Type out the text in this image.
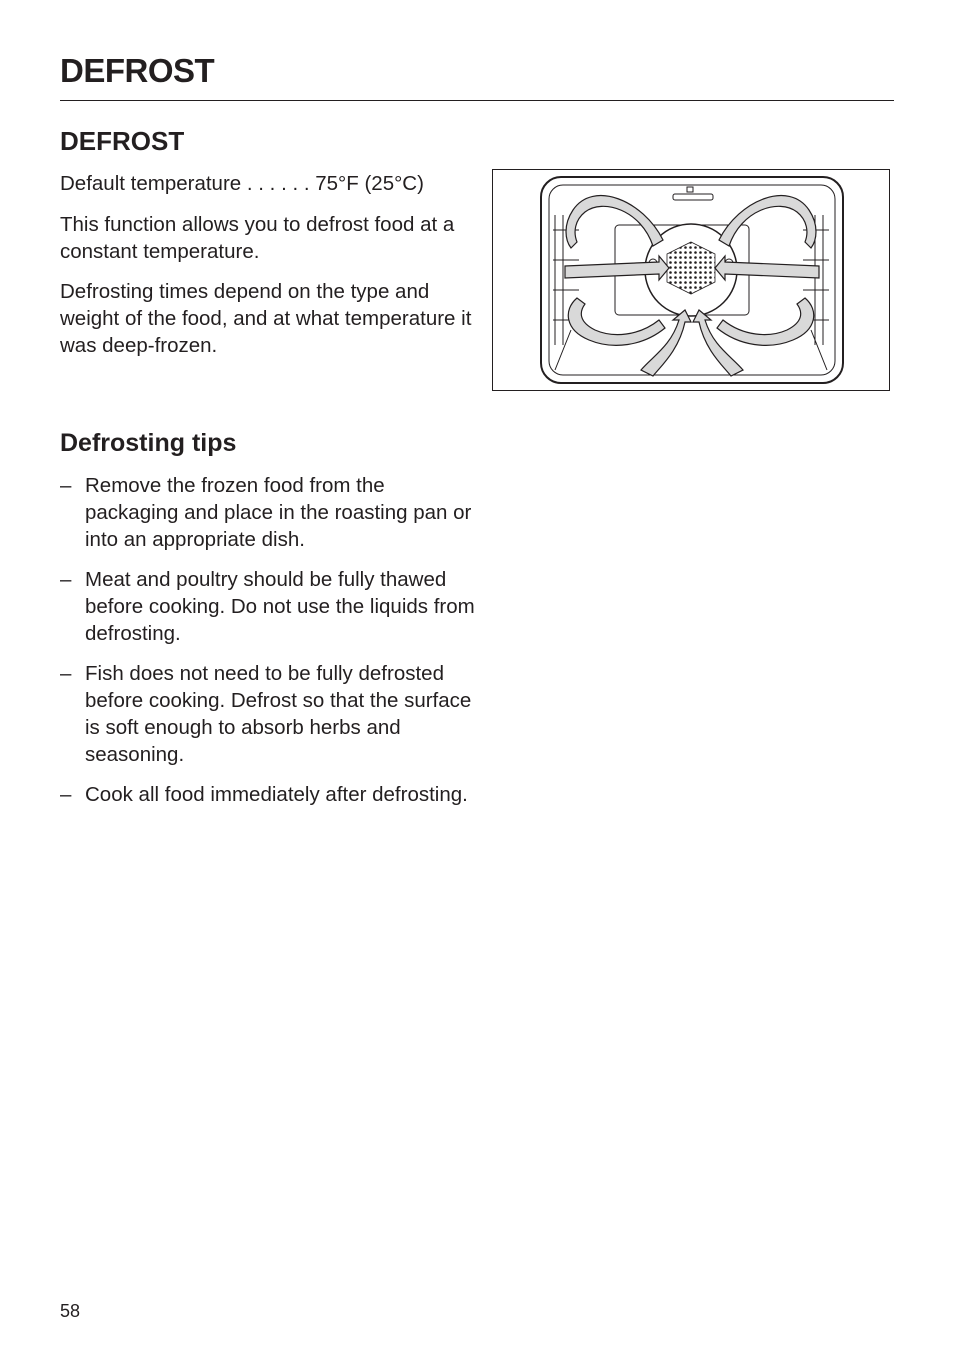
DEFROST
DEFROST

Default temperature . . . . . . 75°F (25°C)

This function allows you to defrost food at a constant temperature.

Defrosting times depend on the type and weight of the food, and at what temperature it was deep-frozen.

Defrosting tips
– Remove the frozen food from the packaging and place in the roasting pan or into an appropriate dish.
– Meat and poultry should be fully thawed before cooking. Do not use the liquids from defrosting.
– Fish does not need to be fully defrosted before cooking. Defrost so that the surface is soft enough to absorb herbs and seasoning.
– Cook all food immediately after defrosting.

58
